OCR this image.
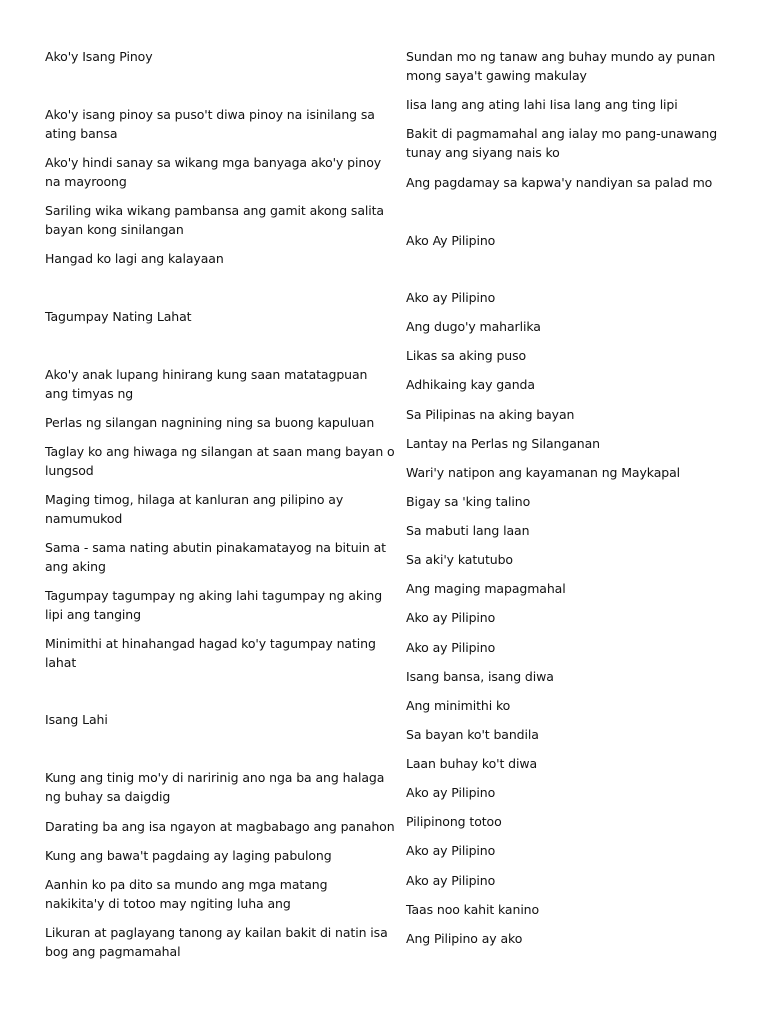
Ako'y Isang Pinoy
Ako'y isang pinoy sa puso't diwa pinoy na isinilang sa
ating bansa
Ako'y hindi sanay sa wikang mga banyaga ako'y pinoy
na mayroong
Sariling wika wikang pambansa ang gamit akong salita
bayan kong sinilangan
Hangad ko lagi ang kalayaan
Tagumpay Nating Lahat
Ako'y anak lupang hinirang kung saan matatagpuan
ang timyas ng
Perlas ng silangan nagnining ning sa buong kapuluan
Taglay ko ang hiwaga ng silangan at saan mang bayan o
lungsod
Maging timog, hilaga at kanluran ang pilipino ay
namumukod
Sama - sama nating abutin pinakamatayog na bituin at
ang aking
Tagumpay tagumpay ng aking lahi tagumpay ng aking
lipi ang tanging
Minimithi at hinahangad hagad ko'y tagumpay nating
lahat
Isang Lahi
Kung ang tinig mo'y di naririnig ano nga ba ang halaga
ng buhay sa daigdig
Darating ba ang isa ngayon at magbabago ang panahon
Kung ang bawa't pagdaing ay laging pabulong
Aanhin ko pa dito sa mundo ang mga matang
nakikita'y di totoo may ngiting luha ang
Likuran at paglayang tanong ay kailan bakit di natin isa
bog ang pagmamahal
Sundan mo ng tanaw ang buhay mundo ay punan
mong saya't gawing makulay
Iisa lang ang ating lahi Iisa lang ang ting lipi
Bakit di pagmamahal ang ialay mo pang-unawang
tunay ang siyang nais ko
Ang pagdamay sa kapwa'y nandiyan sa palad mo
Ako Ay Pilipino
Ako ay Pilipino
Ang dugo'y maharlika
Likas sa aking puso
Adhikaing kay ganda
Sa Pilipinas na aking bayan
Lantay na Perlas ng Silanganan
Wari'y natipon ang kayamanan ng Maykapal
Bigay sa 'king talino
Sa mabuti lang laan
Sa aki'y katutubo
Ang maging mapagmahal
Ako ay Pilipino
Ako ay Pilipino
Isang bansa, isang diwa
Ang minimithi ko
Sa bayan ko't bandila
Laan buhay ko't diwa
Ako ay Pilipino
Pilipinong totoo
Ako ay Pilipino
Ako ay Pilipino
Taas noo kahit kanino
Ang Pilipino ay ako
